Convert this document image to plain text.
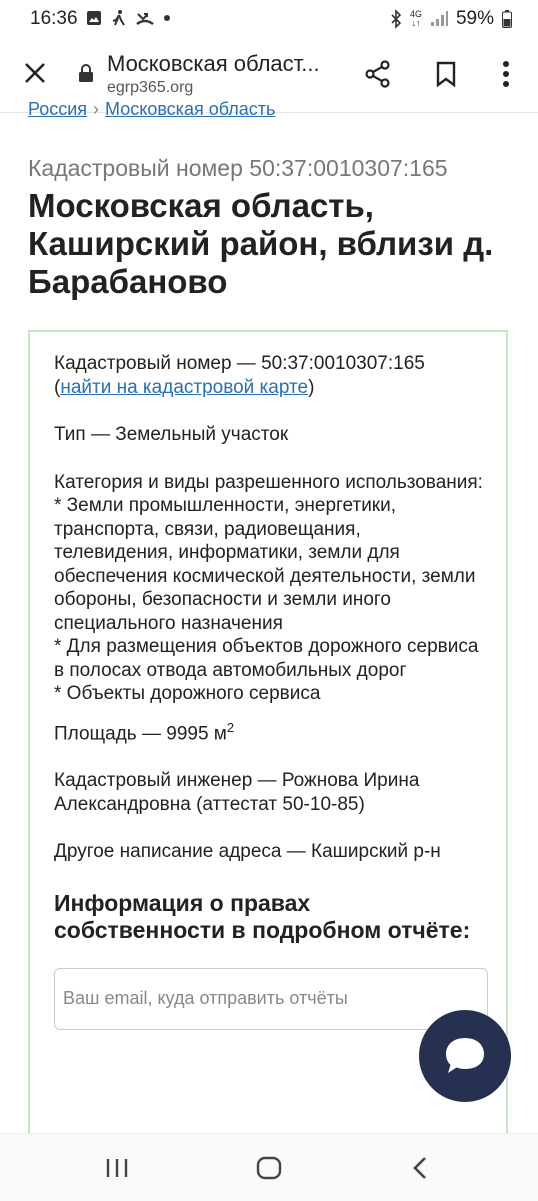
16:36	4G
↓↑ 59%
Московская област...
egrp365.org
Россия › Московская область
Кадастровый номер 50:37:0010307:165
Московская область, Каширский район, вблизи д. Барабаново

Кадастровый номер — 50:37:0010307:165
(найти на кадастровой карте)

Тип — Земельный участок

Категория и виды разрешенного использования:
* Земли промышленности, энергетики, транспорта, связи, радиовещания, телевидения, информатики, земли для обеспечения космической деятельности, земли обороны, безопасности и земли иного специального назначения
* Для размещения объектов дорожного сервиса в полосах отвода автомобильных дорог
* Объекты дорожного сервиса

Площадь — 9995 $м^2$

Кадастровый инженер — Рожнова Ирина Александровна (аттестат 50-10-85)

Другое написание адреса — Каширский р-н

Информация о правах собственности в подробном отчёте:
Ваш email, куда отправить отчёты
